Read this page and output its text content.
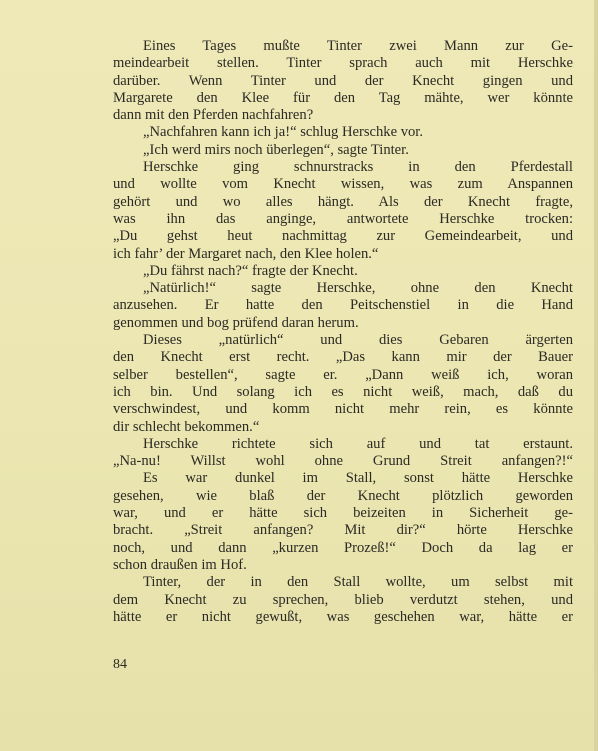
Eines Tages mußte Tinter zwei Mann zur Ge-
meindearbeit stellen. Tinter sprach auch mit Herschke
darüber. Wenn Tinter und der Knecht gingen und
Margarete den Klee für den Tag mähte, wer könnte
dann mit den Pferden nachfahren?
„Nachfahren kann ich ja!“ schlug Herschke vor.
„Ich werd mirs noch überlegen“, sagte Tinter.
Herschke ging schnurstracks in den Pferdestall
und wollte vom Knecht wissen, was zum Anspannen
gehört und wo alles hängt. Als der Knecht fragte,
was ihn das anginge, antwortete Herschke trocken:
„Du gehst heut nachmittag zur Gemeindearbeit, und
ich fahr’ der Margaret nach, den Klee holen.“
„Du fährst nach?“ fragte der Knecht.
„Natürlich!“ sagte Herschke, ohne den Knecht
anzusehen. Er hatte den Peitschenstiel in die Hand
genommen und bog prüfend daran herum.
Dieses „natürlich“ und dies Gebaren ärgerten
den Knecht erst recht. „Das kann mir der Bauer
selber bestellen“, sagte er. „Dann weiß ich, woran
ich bin. Und solang ich es nicht weiß, mach, daß du
verschwindest, und komm nicht mehr rein, es könnte
dir schlecht bekommen.“
Herschke richtete sich auf und tat erstaunt.
„Na-nu! Willst wohl ohne Grund Streit anfangen?!“
Es war dunkel im Stall, sonst hätte Herschke
gesehen, wie blaß der Knecht plötzlich geworden
war, und er hätte sich beizeiten in Sicherheit ge-
bracht. „Streit anfangen? Mit dir?“ hörte Herschke
noch, und dann „kurzen Prozeß!“ Doch da lag er
schon draußen im Hof.
Tinter, der in den Stall wollte, um selbst mit
dem Knecht zu sprechen, blieb verdutzt stehen, und
hätte er nicht gewußt, was geschehen war, hätte er
84
